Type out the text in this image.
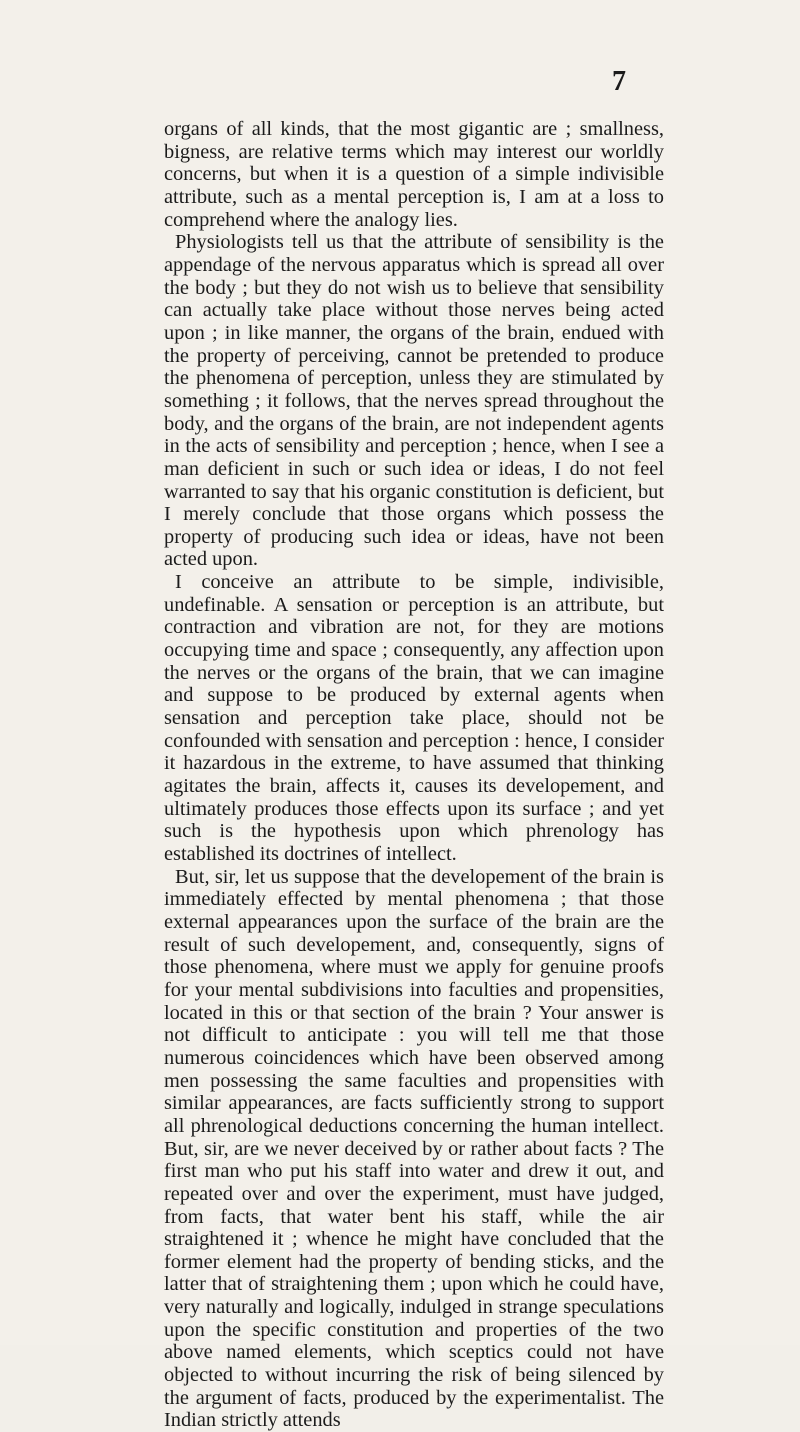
7

organs of all kinds, that the most gigantic are ; smallness, bigness, are relative terms which may interest our worldly concerns, but when it is a question of a simple indivisible attribute, such as a mental perception is, I am at a loss to comprehend where the analogy lies.

Physiologists tell us that the attribute of sensibility is the appendage of the nervous apparatus which is spread all over the body ; but they do not wish us to believe that sensibility can actually take place without those nerves being acted upon ; in like manner, the organs of the brain, endued with the property of perceiving, cannot be pretended to produce the phenomena of perception, unless they are stimulated by something ; it follows, that the nerves spread throughout the body, and the organs of the brain, are not independent agents in the acts of sensibility and perception ; hence, when I see a man deficient in such or such idea or ideas, I do not feel warranted to say that his organic constitution is deficient, but I merely conclude that those organs which possess the property of producing such idea or ideas, have not been acted upon.

I conceive an attribute to be simple, indivisible, undefinable. A sensation or perception is an attribute, but contraction and vibration are not, for they are motions occupying time and space ; consequently, any affection upon the nerves or the organs of the brain, that we can imagine and suppose to be produced by external agents when sensation and perception take place, should not be confounded with sensation and perception : hence, I consider it hazardous in the extreme, to have assumed that thinking agitates the brain, affects it, causes its developement, and ultimately produces those effects upon its surface ; and yet such is the hypothesis upon which phrenology has established its doctrines of intellect.

But, sir, let us suppose that the developement of the brain is immediately effected by mental phenomena ; that those external appearances upon the surface of the brain are the result of such developement, and, consequently, signs of those phenomena, where must we apply for genuine proofs for your mental subdivisions into faculties and propensities, located in this or that section of the brain ? Your answer is not difficult to anticipate : you will tell me that those numerous coincidences which have been observed among men possessing the same faculties and propensities with similar appearances, are facts sufficiently strong to support all phrenological deductions concerning the human intellect. But, sir, are we never deceived by or rather about facts ? The first man who put his staff into water and drew it out, and repeated over and over the experiment, must have judged, from facts, that water bent his staff, while the air straightened it ; whence he might have concluded that the former element had the property of bending sticks, and the latter that of straightening them ; upon which he could have, very naturally and logically, indulged in strange speculations upon the specific constitution and properties of the two above named elements, which sceptics could not have objected to without incurring the risk of being silenced by the argument of facts, produced by the experimentalist. The Indian strictly attends
